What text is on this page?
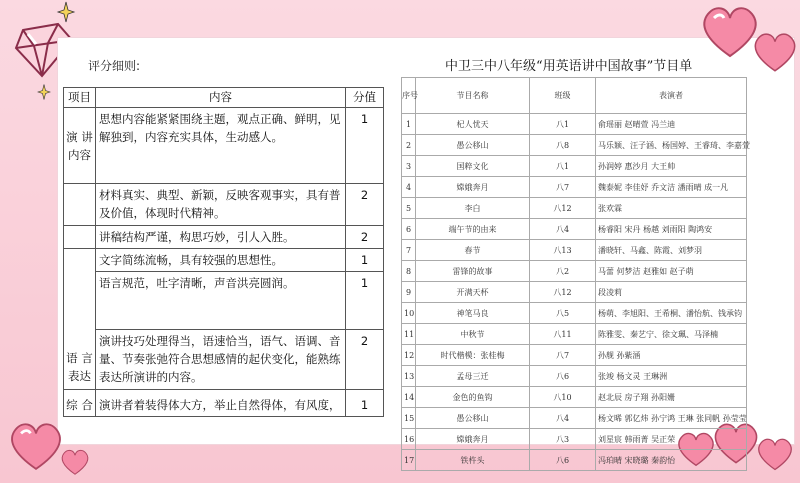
评分细则:
项目	内容	分值
演 讲 内容	思想内容能紧紧围绕主题，观点正确、鲜明，见解独到，内容充实具体，生动感人。	1
	材料真实、典型、新颖，反映客观事实，具有普及价值，体现时代精神。	2
	讲稿结构严谨，构思巧妙，引人入胜。	2
语 言 表达	文字简练流畅，具有较强的思想性。	1
	语言规范，吐字清晰，声音洪亮圆润。	1
	演讲技巧处理得当，语速恰当，语气、语调、音量、节奏张弛符合思想感情的起伏变化，能熟练表达所演讲的内容。	2
综 合	演讲者着装得体大方，举止自然得体，有风度，	1
中卫三中八年级“用英语讲中国故事”节目单
序号	节目名称	班级	表演者
1	杞人忧天	八1	俞瑶丽 赵晴萱 冯兰迪
2	愚公移山	八8	马乐颖、汪子涵、杨国婷、王睿琦、李嘉萱
3	国粹文化	八1	孙润婷 惠沙月 大王帅
4	嫦娥奔月	八7	魏泰妮 李佳妤 乔文洁 潘雨晴 成一凡
5	李白	八12	张欢霖
6	端午节的由来	八4	杨睿阳 宋丹 杨越 刘雨阳 陶鸿安
7	春节	八13	潘晓轩、马鑫、陈霞、刘梦羽
8	雷锋的故事	八2	马蕾 何梦洁 赵雅如 赵子萌
9	开满天杯	八12	段凌莉
10	神笔马良	八5	杨萌、李旭阳、王希桐、潘怡航、钱承钧
11	中秋节	八11	陈雅雯、秦艺宁、徐文珮、马泽楠
12	时代楷模：张桂梅	八7	孙舰 孙紫涵
13	孟母三迁	八6	张竣 杨文灵 王琳洲
14	金色的鱼钩	八10	赵北辰 房子翔 孙阳姗
15	愚公移山	八4	杨文晞 郭亿炜 孙宁鸿 王琳 张同帆 孙莹莹
16	嫦娥奔月	八3	刘星宸 韩雨菁 吴正荣
17	铁杵头	八6	冯珀晴 宋晓璐 秦韵怡
